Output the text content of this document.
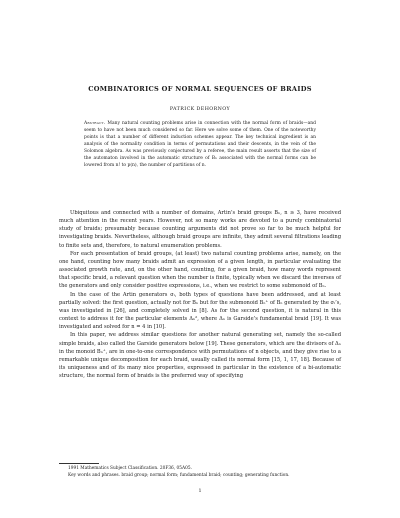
COMBINATORICS OF NORMAL SEQUENCES OF BRAIDS
PATRICK DEHORNOY
Abstract. Many natural counting problems arise in connection with the normal form of braids—and seem to have not been much considered so far. Here we solve some of them. One of the noteworthy points is that a number of different induction schemes appear. The key technical ingredient is an analysis of the normality condition in terms of permutations and their descents, in the vein of the Solomon algebra. As was previously conjectured by a referee, the main result asserts that the size of the automaton involved in the automatic structure of Bₙ associated with the normal forms can be lowered from n! to p(n), the number of partitions of n.

Ubiquitous and connected with a number of domains, Artin’s braid groups Bₙ, n ≥ 3, have received much attention in the recent years. However, not so many works are devoted to a purely combinatorial study of braids; presumably because counting arguments did not prove so far to be much helpful for investigating braids. Nevertheless, although braid groups are infinite, they admit several filtrations leading to finite sets and, therefore, to natural enumeration problems.

For each presentation of braid groups, (at least) two natural counting problems arise, namely, on the one hand, counting how many braids admit an expression of a given length, in particular evaluating the associated growth rate, and, on the other hand, counting, for a given braid, how many words represent that specific braid, a relevant question when the number is finite, typically when we discard the inverses of the generators and only consider positive expressions, i.e., when we restrict to some submonoid of Bₙ.

In the case of the Artin generators σᵢ, both types of questions have been addressed, and at least partially solved: the first question, actually not for Bₙ but for the submonoid Bₙ⁺ of Bₙ generated by the σᵢ’s, was investigated in [26], and completely solved in [8]. As for the second question, it is natural in this context to address it for the particular elements Δₙᵈ, where Δₙ is Garside’s fundamental braid [19]. It was investigated and solved for n = 4 in [10].

In this paper, we address similar questions for another natural generating set, namely the so-called simple braids, also called the Garside generators below [19]. These generators, which are the divisors of Δₙ in the monoid Bₙ⁺, are in one-to-one correspondence with permutations of n objects, and they give rise to a remarkable unique decomposition for each braid, usually called its normal form [15, 1, 17, 18]. Because of its uniqueness and of its many nice properties, expressed in particular in the existence of a bi-automatic structure, the normal form of braids is the preferred way of specifying

1991 Mathematics Subject Classification. 20F36, 05A05.

Key words and phrases. braid group; normal form; fundamental braid; counting; generating function.

1
